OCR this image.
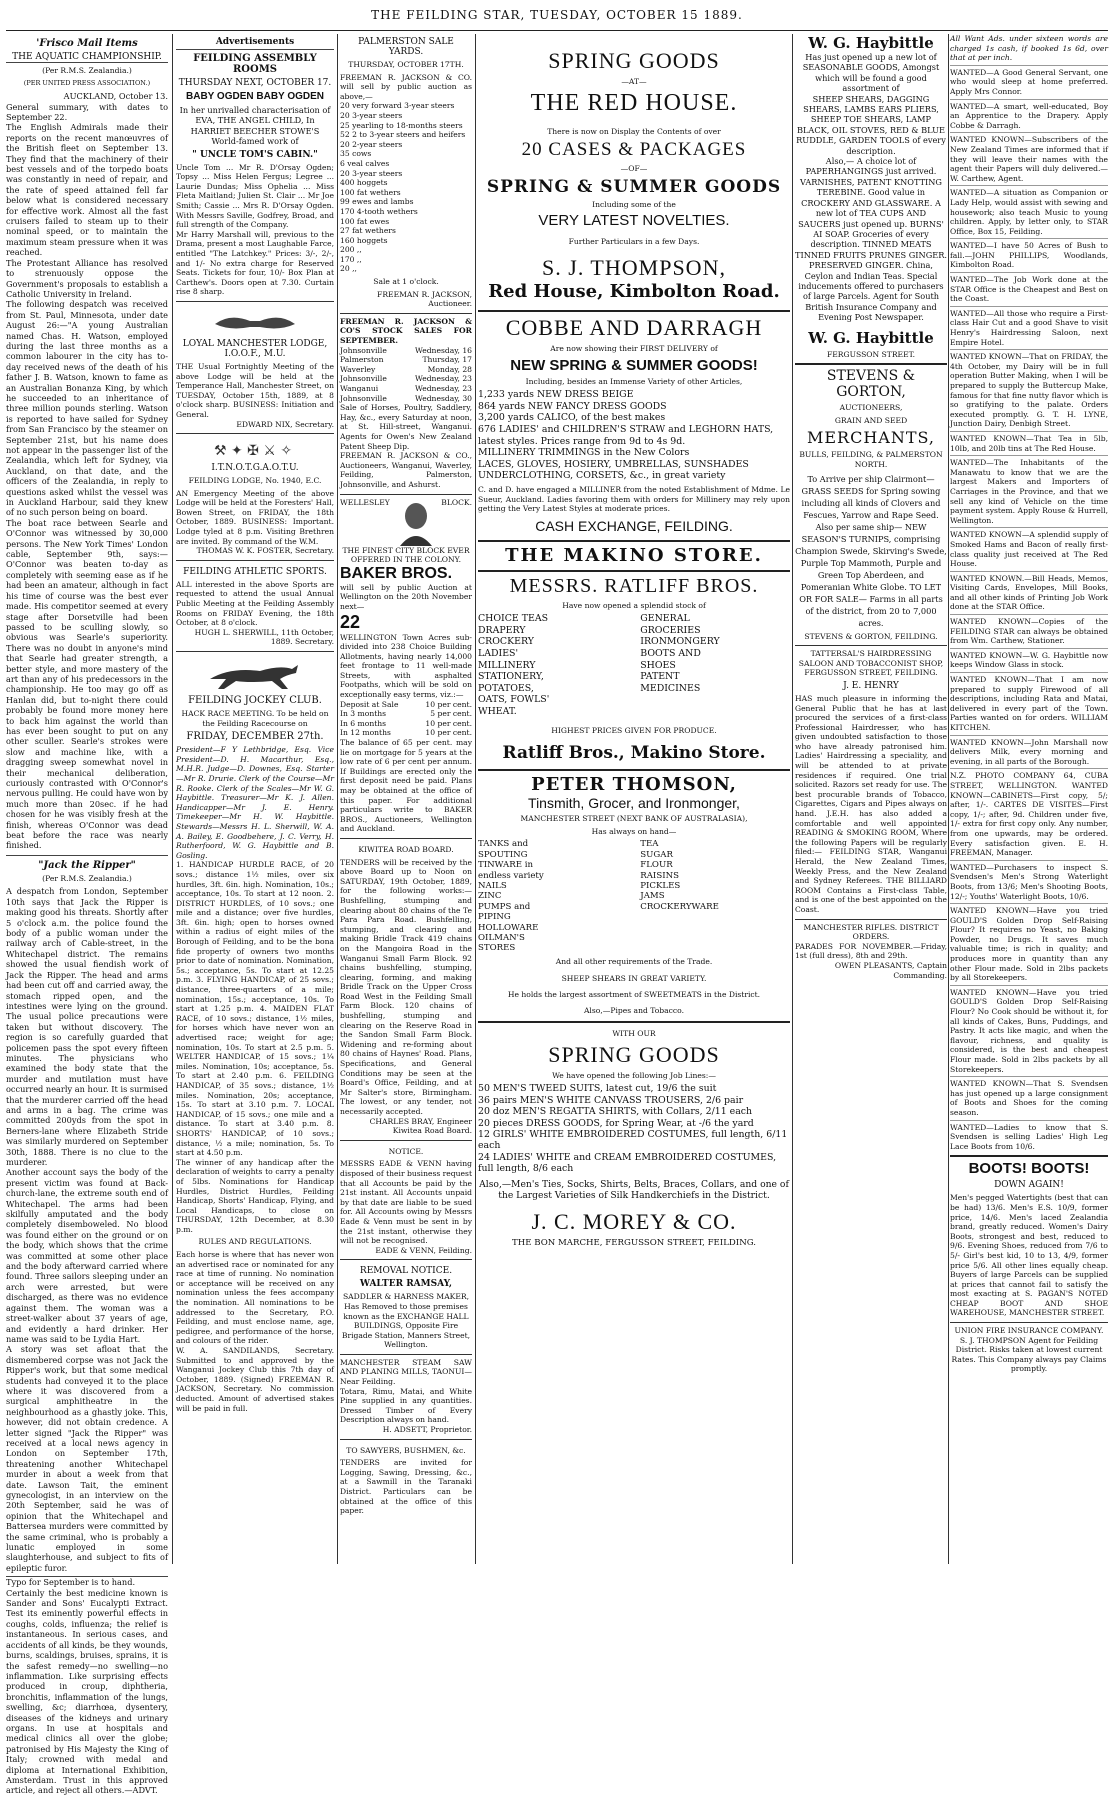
THE FEILDING STAR, TUESDAY, OCTOBER 15 1889.
'Frisco Mail Items
THE AQUATIC CHAMPIONSHIP.
(Per R.M.S. Zealandia.)
(PER UNITED PRESS ASSOCIATION.)
AUCKLAND, October 13.

General summary, with dates to September 22.

The English Admirals made their reports on the recent manœuvres of the British fleet on September 13. They find that the machinery of their best vessels and of the torpedo boats was constantly in need of repair, and the rate of speed attained fell far below what is considered necessary for effective work. Almost all the fast cruisers failed to steam up to their nominal speed, or to maintain the maximum steam pressure when it was reached.

The Protestant Alliance has resolved to strenuously oppose the Government's proposals to establish a Catholic University in Ireland.

The following despatch was received from St. Paul, Minnesota, under date August 26:—"A young Australian named Chas. H. Watson, employed during the last three months as a common labourer in the city has to-day received news of the death of his father J. B. Watson, known to fame as an Australian Bonanza King, by which he succeeded to an inheritance of three million pounds sterling. Watson is reported to have sailed for Sydney from San Francisco by the steamer on September 21st, but his name does not appear in the passenger list of the Zealandia, which left for Sydney, via Auckland, on that date, and the officers of the Zealandia, in reply to questions asked whilst the vessel was in Auckland Harbour, said they knew of no such person being on board.

The boat race between Searle and O'Connor was witnessed by 30,000 persons. The New York Times' London cable, September 9th, says:—O'Connor was beaten to-day as completely with seeming ease as if he had been an amateur, although in fact his time of course was the best ever made. His competitor seemed at every stage after Dorsetville had been passed to be sculling slowly, so obvious was Searle's superiority. There was no doubt in anyone's mind that Searle had greater strength, a better style, and more mastery of the art than any of his predecessors in the championship. He too may go off as Hanlan did, but to-night there could probably be found more money here to back him against the world than has ever been sought to put on any other sculler. Searle's strokes were slow and machine like, with a dragging sweep somewhat novel in their mechanical deliberation, curiously contrasted with O'Connor's nervous pulling. He could have won by much more than 20sec. if he had chosen for he was visibly fresh at the finish, whereas O'Connor was dead beat before the race was nearly finished.

"Jack the Ripper"
(Per R.M.S. Zealandia.)

A despatch from London, September 10th says that Jack the Ripper is making good his threats. Shortly after 5 o'clock a.m. the police found the body of a public woman under the railway arch of Cable-street, in the Whitechapel district. The remains showed the usual fiendish work of Jack the Ripper. The head and arms had been cut off and carried away, the stomach ripped open, and the intestines were lying on the ground. The usual police precautions were taken but without discovery. The region is so carefully guarded that policemen pass the spot every fifteen minutes. The physicians who examined the body state that the murder and mutilation must have occurred nearly an hour. It is surmised that the murderer carried off the head and arms in a bag. The crime was committed 200yds from the spot in Berners-lane where Elizabeth Stride was similarly murdered on September 30th, 1888. There is no clue to the murderer.

Another account says the body of the present victim was found at Back-church-lane, the extreme south end of Whitechapel. The arms had been skilfully amputated and the body completely disemboweled. No blood was found either on the ground or on the body, which shows that the crime was committed at some other place and the body afterward carried where found. Three sailors sleeping under an arch were arrested, but were discharged, as there was no evidence against them. The woman was a street-walker about 37 years of age, and evidently a hard drinker. Her name was said to be Lydia Hart.

A story was set afloat that the dismembered corpse was not Jack the Ripper's work, but that some medical students had conveyed it to the place where it was discovered from a surgical amphitheatre in the neighbourhood as a ghastly joke. This, however, did not obtain credence. A letter signed "Jack the Ripper" was received at a local news agency in London on September 17th, threatening another Whitechapel murder in about a week from that date. Lawson Tait, the eminent gynecologist, in an interview on the 20th September, said he was of opinion that the Whitechapel and Battersea murders were committed by the same criminal, who is probably a lunatic employed in some slaughterhouse, and subject to fits of epileptic furor.

Typo for September is to hand.

Certainly the best medicine known is Sander and Sons' Eucalypti Extract. Test its eminently powerful effects in coughs, colds, influenza; the relief is instantaneous. In serious cases, and accidents of all kinds, be they wounds, burns, scaldings, bruises, sprains, it is the safest remedy—no swelling—no inflammation. Like surprising effects produced in croup, diphtheria, bronchitis, inflammation of the lungs, swelling, &c; diarrhœa, dysentery, diseases of the kidneys and urinary organs. In use at hospitals and medical clinics all over the globe; patronised by His Majesty the King of Italy; crowned with medal and diploma at International Exhibition, Amsterdam. Trust in this approved article, and reject all others.—ADVT.

Advertisements
FEILDING ASSEMBLY ROOMS
THURSDAY NEXT, OCTOBER 17.
BABY OGDEN BABY OGDEN

In her unrivalled characterisation of EVA, THE ANGEL CHILD, In HARRIET BEECHER STOWE'S World-famed work of

" UNCLE TOM'S CABIN."

Uncle Tom ... Mr R. D'Orsay Ogden; Topsy ... Miss Helen Fergus; Legree ... Laurie Dundas; Miss Ophelia ... Miss Fleta Maitland; Julien St. Clair ... Mr Joe Smith; Cassie ... Mrs R. D'Orsay Ogden. With Messrs Saville, Godfrey, Broad, and full strength of the Company.

Mr Harry Marshall will, previous to the Drama, present a most Laughable Farce, entitled "The Latchkey." Prices: 3/-, 2/-, and 1/- No extra charge for Reserved Seats. Tickets for four, 10/- Box Plan at Carthew's. Doors open at 7.30. Curtain rise 8 sharp.

LOYAL MANCHESTER LODGE, I.O.O.F., M.U.

THE Usual Fortnightly Meeting of the above Lodge will be held at the Temperance Hall, Manchester Street, on TUESDAY, October 15th, 1889, at 8 o'clock sharp. BUSINESS: Initiation and General.

EDWARD NIX, Secretary.

⚒ ✦ ✠ ⚔ ✧
I.T.N.O.T.G.A.O.T.U.
FEILDING LODGE, No. 1940, E.C.

AN Emergency Meeting of the above Lodge will be held at the Foresters' Hall, Bowen Street, on FRIDAY, the 18th October, 1889. BUSINESS: Important. Lodge tyled at 8 p.m. Visiting Brethren are invited. By command of the W.M.

THOMAS W. K. FOSTER, Secretary.

FEILDING ATHLETIC SPORTS.

ALL interested in the above Sports are requested to attend the usual Annual Public Meeting at the Feilding Assembly Rooms on FRIDAY Evening, the 18th October, at 8 o'clock.

HUGH L. SHERWILL, 11th October, 1889. Secretary.

FEILDING JOCKEY CLUB.
HACK RACE MEETING. To be held on the Feilding Racecourse on
FRIDAY, DECEMBER 27th.

President—F Y Lethbridge, Esq. Vice President—D. H. Macarthur, Esq., M.H.R. Judge—D. Downes, Esq. Starter—Mr R. Drurie. Clerk of the Course—Mr R. Rooke. Clerk of the Scales—Mr W. G. Haybittle. Treasurer—Mr K. J. Allen. Handicapper—Mr J. E. Henry. Timekeeper—Mr H. W. Haybittle. Stewards—Messrs H. L. Sherwill, W. A. A. Bailey, E. Goodbehere, J. C. Verry, H. Rutherfoord, W. G. Haybittle and B. Gosling.

1. HANDICAP HURDLE RACE, of 20 sovs.; distance 1½ miles, over six hurdles, 3ft. 6in. high. Nomination, 10s.; acceptance, 10s. To start at 12 noon. 2. DISTRICT HURDLES, of 10 sovs.; one mile and a distance; over five hurdles, 3ft. 6in. high; open to horses owned within a radius of eight miles of the Borough of Feilding, and to be the bona fide property of owners two months prior to date of nomination. Nomination, 5s.; acceptance, 5s. To start at 12.25 p.m. 3. FLYING HANDICAP, of 25 sovs.; distance, three-quarters of a mile; nomination, 15s.; acceptance, 10s. To start at 1.25 p.m. 4. MAIDEN FLAT RACE, of 10 sovs.; distance, 1½ miles, for horses which have never won an advertised race; weight for age; nomination, 10s. To start at 2.5 p.m. 5. WELTER HANDICAP, of 15 sovs.; 1¼ miles. Nomination, 10s; acceptance, 5s. To start at 2.40 p.m. 6. FEILDING HANDICAP, of 35 sovs.; distance, 1½ miles. Nomination, 20s; acceptance, 15s. To start at 3.10 p.m. 7. LOCAL HANDICAP, of 15 sovs.; one mile and a distance. To start at 3.40 p.m. 8. SHORTS' HANDICAP, of 10 sovs.; distance, ½ a mile; nomination, 5s. To start at 4.50 p.m.

The winner of any handicap after the declaration of weights to carry a penalty of 5lbs. Nominations for Handicap Hurdles, District Hurdles, Feilding Handicap, Shorts' Handicap, Flying, and Local Handicaps, to close on THURSDAY, 12th December, at 8.30 p.m.

RULES AND REGULATIONS.

Each horse is where that has never won an advertised race or nominated for any race at time of running. No nomination or acceptance will be received on any nomination unless the fees accompany the nomination. All nominations to be addressed to the Secretary, P.O. Feilding, and must enclose name, age, pedigree, and performance of the horse, and colours of the rider.

W. A. SANDILANDS, Secretary. Submitted to and approved by the Wanganui Jockey Club this 7th day of October, 1889. (Signed) FREEMAN R. JACKSON, Secretary. No commission deducted. Amount of advertised stakes will be paid in full.

PALMERSTON SALE YARDS.
THURSDAY, OCTOBER 17TH.

FREEMAN R. JACKSON & CO. will sell by public auction as above,—

20 very forward 3-year steers
20 3-year steers
25 yearling to 18-months steers
52 2 to 3-year steers and heifers
20 2-year steers
35 cows
6 veal calves
20 3-year steers
400 hoggets
100 fat wethers
99 ewes and lambs
170 4-tooth wethers
100 fat ewes
27 fat wethers
160 hoggets
200 ,,
170 ,,
20 ,,
Sale at 1 o'clock.

FREEMAN R. JACKSON, Auctioneer.

FREEMAN R. JACKSON & CO'S STOCK SALES FOR SEPTEMBER.

Johnsonville	Wednesday, 16
Palmerston	Thursday, 17
Waverley	Monday, 28
Johnsonville	Wednesday, 23
Wanganui	Wednesday, 23
Johnsonville	Wednesday, 30

Sale of Horses, Poultry, Saddlery, Hay, &c., every Saturday at noon, at St. Hill-street, Wanganui. Agents for Owen's New Zealand Patent Sheep Dip.

FREEMAN R. JACKSON & CO., Auctioneers, Wanganui, Waverley, Feilding, Palmerston, Johnsonville, and Ashurst.

WELLESLEY	BLOCK.

THE FINEST CITY BLOCK EVER OFFERED IN THE COLONY.

BAKER BROS.

will sell by public Auction at Wellington on the 20th November next—

22

WELLINGTON Town Acres sub-divided into 238 Choice Building Allotments, having nearly 14,000 feet frontage to 11 well-made Streets, with asphalted Footpaths, which will be sold on exceptionally easy terms, viz.:—

Deposit at Sale	10 per cent.
In 3 months	5 per cent.
In 6 months	10 per cent.
In 12 months	10 per cent.

The balance of 65 per cent. may lie on mortgage for 5 years at the low rate of 6 per cent per annum. If Buildings are erected only the first deposit need be paid. Plans may be obtained at the office of this paper. For additional particulars write to BAKER BROS., Auctioneers, Wellington and Auckland.

KIWITEA ROAD BOARD.

TENDERS will be received by the above Board up to Noon on SATURDAY, 19th October, 1889, for the following works:— Bushfelling, stumping and clearing about 80 chains of the Te Para Para Road. Bushfelling, stumping, and clearing and making Bridle Track 419 chains on the Mangoira Road in the Wanganui Small Farm Block. 92 chains bushfelling, stumping, clearing, forming, and making Bridle Track on the Upper Cross Road West in the Feilding Small Farm Block. 120 chains of bushfelling, stumping and clearing on the Reserve Road in the Sandon Small Farm Block. Widening and re-forming about 80 chains of Haynes' Road. Plans, Specifications, and General Conditions may be seen at the Board's Office, Feilding, and at Mr Salter's store, Birmingham. The lowest, or any tender, not necessarily accepted.

CHARLES BRAY, Engineer Kiwitea Road Board.

NOTICE.

MESSRS EADE & VENN having disposed of their business request that all Accounts be paid by the 21st instant. All Accounts unpaid by that date are liable to be sued for. All Accounts owing by Messrs Eade & Venn must be sent in by the 21st instant, otherwise they will not be recognised.

EADE & VENN, Feilding.

REMOVAL NOTICE.
WALTER RAMSAY,

SADDLER & HARNESS MAKER, Has Removed to those premises known as the EXCHANGE HALL BUILDINGS, Opposite Fire Brigade Station, Manners Street, Wellington.

MANCHESTER STEAM SAW AND PLANING MILLS, TAONUI—Near Feilding.

Totara, Rimu, Matai, and White Pine supplied in any quantities. Dressed Timber of Every Description always on hand.

H. ADSETT, Proprietor.

TO SAWYERS, BUSHMEN, &c.

TENDERS are invited for Logging, Sawing, Dressing, &c., at a Sawmill in the Taranaki District. Particulars can be obtained at the office of this paper.

SPRING GOODS
—AT—
THE RED HOUSE.
There is now on Display the Contents of over
20 CASES & PACKAGES
—OF—
SPRING & SUMMER GOODS
Including some of the
VERY LATEST NOVELTIES.
Further Particulars in a few Days.
S. J. THOMPSON,
Red House, Kimbolton Road.
COBBE AND DARRAGH
Are now showing their FIRST DELIVERY of
NEW SPRING & SUMMER GOODS!
Including, besides an Immense Variety of other Articles,
1,233 yards NEW DRESS BEIGE
864 yards NEW FANCY DRESS GOODS
3,200 yards CALICO, of the best makes
676 LADIES' and CHILDREN'S STRAW and LEGHORN HATS, latest styles. Prices range from 9d to 4s 9d.
MILLINERY TRIMMINGS in the New Colors
LACES, GLOVES, HOSIERY, UMBRELLAS, SUNSHADES
UNDERCLOTHING, CORSETS, &c., in great variety

C. and D. have engaged a MILLINER from the noted Establishment of Mdme. Le Sueur, Auckland. Ladies favoring them with orders for Millinery may rely upon getting the Very Latest Styles at moderate prices.

CASH EXCHANGE, FEILDING.
THE MAKINO STORE.
MESSRS. RATLIFF BROS.
Have now opened a splendid stock of
CHOICE TEAS
DRAPERY
CROCKERY
LADIES' MILLINERY
STATIONERY, POTATOES, OATS, FOWLS' WHEAT.
GENERAL GROCERIES
IRONMONGERY
BOOTS AND SHOES
PATENT MEDICINES
HIGHEST PRICES GIVEN FOR PRODUCE.
Ratliff Bros., Makino Store.
PETER THOMSON,
Tinsmith, Grocer, and Ironmonger,
MANCHESTER STREET (NEXT BANK OF AUSTRALASIA),
Has always on hand—
TANKS and SPOUTING
TINWARE in endless variety
NAILS
ZINC
PUMPS and PIPING
HOLLOWARE
OILMAN'S STORES
TEA
SUGAR
FLOUR
RAISINS
PICKLES
JAMS
CROCKERYWARE
And all other requirements of the Trade.
SHEEP SHEARS IN GREAT VARIETY.
He holds the largest assortment of SWEETMEATS in the District.
Also,—Pipes and Tobacco.
WITH OUR
SPRING GOODS
We have opened the following Job Lines:—
50 MEN'S TWEED SUITS, latest cut, 19/6 the suit
36 pairs MEN'S WHITE CANVASS TROUSERS, 2/6 pair
20 doz MEN'S REGATTA SHIRTS, with Collars, 2/11 each
20 pieces DRESS GOODS, for Spring Wear, at -/6 the yard
12 GIRLS' WHITE EMBROIDERED COSTUMES, full length, 6/11 each
24 LADIES' WHITE and CREAM EMBROIDERED COSTUMES, full length, 8/6 each

Also,—Men's Ties, Socks, Shirts, Belts, Braces, Collars, and one of the Largest Varieties of Silk Handkerchiefs in the District.

J. C. MOREY & CO.
THE BON MARCHE, FERGUSSON STREET, FEILDING.
W. G. Haybittle

Has just opened up a new lot of SEASONABLE GOODS, Amongst which will be found a good assortment of

SHEEP SHEARS, DAGGING SHEARS, LAMBS EARS PLIERS, SHEEP TOE SHEARS, LAMP BLACK, OIL STOVES, RED & BLUE RUDDLE, GARDEN TOOLS of every description.

Also,— A choice lot of PAPERHANGINGS just arrived. VARNISHES, PATENT KNOTTING TEREBINE. Good value in CROCKERY AND GLASSWARE. A new lot of TEA CUPS AND SAUCERS just opened up. BURNS' AI SOAP. Groceries of every description. TINNED MEATS TINNED FRUITS PRUNES GINGER. PRESERVED GINGER. China, Ceylon and Indian Teas. Special inducements offered to purchasers of large Parcels. Agent for South British Insurance Company and Evening Post Newspaper.

W. G. Haybittle
FERGUSSON STREET.
STEVENS & GORTON,
AUCTIONEERS,
GRAIN AND SEED
MERCHANTS,
BULLS, FEILDING, & PALMERSTON NORTH.

To Arrive per ship Clairmont— GRASS SEEDS for Spring sowing including all kinds of Clovers and Fescues, Yarrow and Rape Seed. Also per same ship— NEW SEASON'S TURNIPS, comprising Champion Swede, Skirving's Swede, Purple Top Mammoth, Purple and Green Top Aberdeen, and Pomeranian White Globe. TO LET OR FOR SALE— Farms in all parts of the district, from 20 to 7,000 acres.

STEVENS & GORTON, FEILDING.

TATTERSAL'S HAIRDRESSING SALOON AND TOBACCONIST SHOP, FERGUSSON STREET, FEILDING.

J. E. HENRY

HAS much pleasure in informing the General Public that he has at last procured the services of a first-class Professional Hairdresser, who has given undoubted satisfaction to those who have already patronised him. Ladies' Hairdressing a speciality, and will be attended to at private residences if required. One trial solicited. Razors set ready for use. The best procurable brands of Tobacco, Cigarettes, Cigars and Pipes always on hand. J.E.H. has also added a comfortable and well appointed READING & SMOKING ROOM, Where the following Papers will be regularly filed:— FEILDING STAR, Wanganui Herald, the New Zealand Times, Weekly Press, and the New Zealand and Sydney Referees. THE BILLIARD ROOM Contains a First-class Table, and is one of the best appointed on the Coast.

MANCHESTER RIFLES. DISTRICT ORDERS.

PARADES FOR NOVEMBER.—Friday, 1st (full dress), 8th and 29th.

OWEN PLEASANTS, Captain Commanding.

All Want Ads. under sixteen words are charged 1s cash, if booked 1s 6d, over that at per inch.

WANTED—A Good General Servant, one who would sleep at home preferred. Apply Mrs Connor.
WANTED—A smart, well-educated, Boy an Apprentice to the Drapery. Apply Cobbe & Darragh.
WANTED KNOWN—Subscribers of the New Zealand Times are informed that if they will leave their names with the agent their Papers will duly delivered.—W. Carthew, Agent.
WANTED—A situation as Companion or Lady Help, would assist with sewing and housework; also teach Music to young children. Apply, by letter only, to STAR Office, Box 15, Feilding.
WANTED—I have 50 Acres of Bush to fall.—JOHN PHILLIPS, Woodlands, Kimbolton Road.
WANTED—The Job Work done at the STAR Office is the Cheapest and Best on the Coast.
WANTED—All those who require a First-class Hair Cut and a good Shave to visit Henry's Hairdressing Saloon, next Empire Hotel.
WANTED KNOWN—That on FRIDAY, the 4th October, my Dairy will be in full operation Butter Making, when I will be prepared to supply the Buttercup Make, famous for that fine nutty flavor which is so gratifying to the palate. Orders executed promptly. G. T. H. LYNE, Junction Dairy, Denbigh Street.
WANTED KNOWN—That Tea in 5lb, 10lb, and 20lb tins at The Red House.
WANTED—The Inhabitants of the Manawatu to know that we are the largest Makers and Importers of Carriages in the Province, and that we sell any kind of Vehicle on the time payment system. Apply Rouse & Hurrell, Wellington.
WANTED KNOWN—A splendid supply of Smoked Hams and Bacon of really first-class quality just received at The Red House.
WANTED KNOWN.—Bill Heads, Memos, Visiting Cards, Envelopes, Mill Books, and all other kinds of Printing Job Work done at the STAR Office.
WANTED KNOWN—Copies of the FEILDING STAR can always be obtained from Wm. Carthew, Stationer.
WANTED KNOWN—W. G. Haybittle now keeps Window Glass in stock.
WANTED KNOWN—That I am now prepared to supply Firewood of all descriptions, including Rata and Matai, delivered in every part of the Town. Parties wanted on for orders. WILLIAM KITCHEN.
WANTED KNOWN—John Marshall now delivers Milk, every morning and evening, in all parts of the Borough.
N.Z. PHOTO COMPANY 64, CUBA STREET, WELLINGTON. WANTED KNOWN—CABINETS—First copy, 5/; after, 1/-. CARTES DE VISITES—First copy, 1/-; after, 9d. Children under five, 1/- extra for first copy only. Any number, from one upwards, may be ordered. Every satisfaction given. E. H. FREEMAN, Manager.
WANTED—Purchasers to inspect S. Svendsen's Men's Strong Waterlight Boots, from 13/6; Men's Shooting Boots, 12/-; Youths' Waterlight Boots, 10/6.
WANTED KNOWN—Have you tried GOULD'S Golden Drop Self-Raising Flour? It requires no Yeast, no Baking Powder, no Drugs. It saves much valuable time; is rich in quality; and produces more in quantity than any other Flour made. Sold in 2lbs packets by all Storekeepers.
WANTED KNOWN—Have you tried GOULD'S Golden Drop Self-Raising Flour? No Cook should be without it, for all kinds of Cakes, Buns, Puddings, and Pastry. It acts like magic, and when the flavour, richness, and quality is considered, is the best and cheapest Flour made. Sold in 2lbs packets by all Storekeepers.
WANTED KNOWN—That S. Svendsen has just opened up a large consignment of Boots and Shoes for the coming season.
WANTED—Ladies to know that S. Svendsen is selling Ladies' High Leg Lace Boots from 10/6.
BOOTS! BOOTS!
DOWN AGAIN!

Men's pegged Watertights (best that can be had) 13/6. Men's E.S. 10/9, former price, 14/6. Men's laced Zealandia brand, greatly reduced. Women's Dairy Boots, strongest and best, reduced to 9/6. Evening Shoes, reduced from 7/6 to 5/- Girl's best kid, 10 to 13, 4/9, former price 5/6. All other lines equally cheap. Buyers of large Parcels can be supplied at prices that cannot fail to satisfy the most exacting at S. PAGAN'S NOTED CHEAP BOOT AND SHOE WAREHOUSE, MANCHESTER STREET.

UNION FIRE INSURANCE COMPANY.

S. J. THOMPSON Agent for Feilding District. Risks taken at lowest current Rates. This Company always pay Claims promptly.
